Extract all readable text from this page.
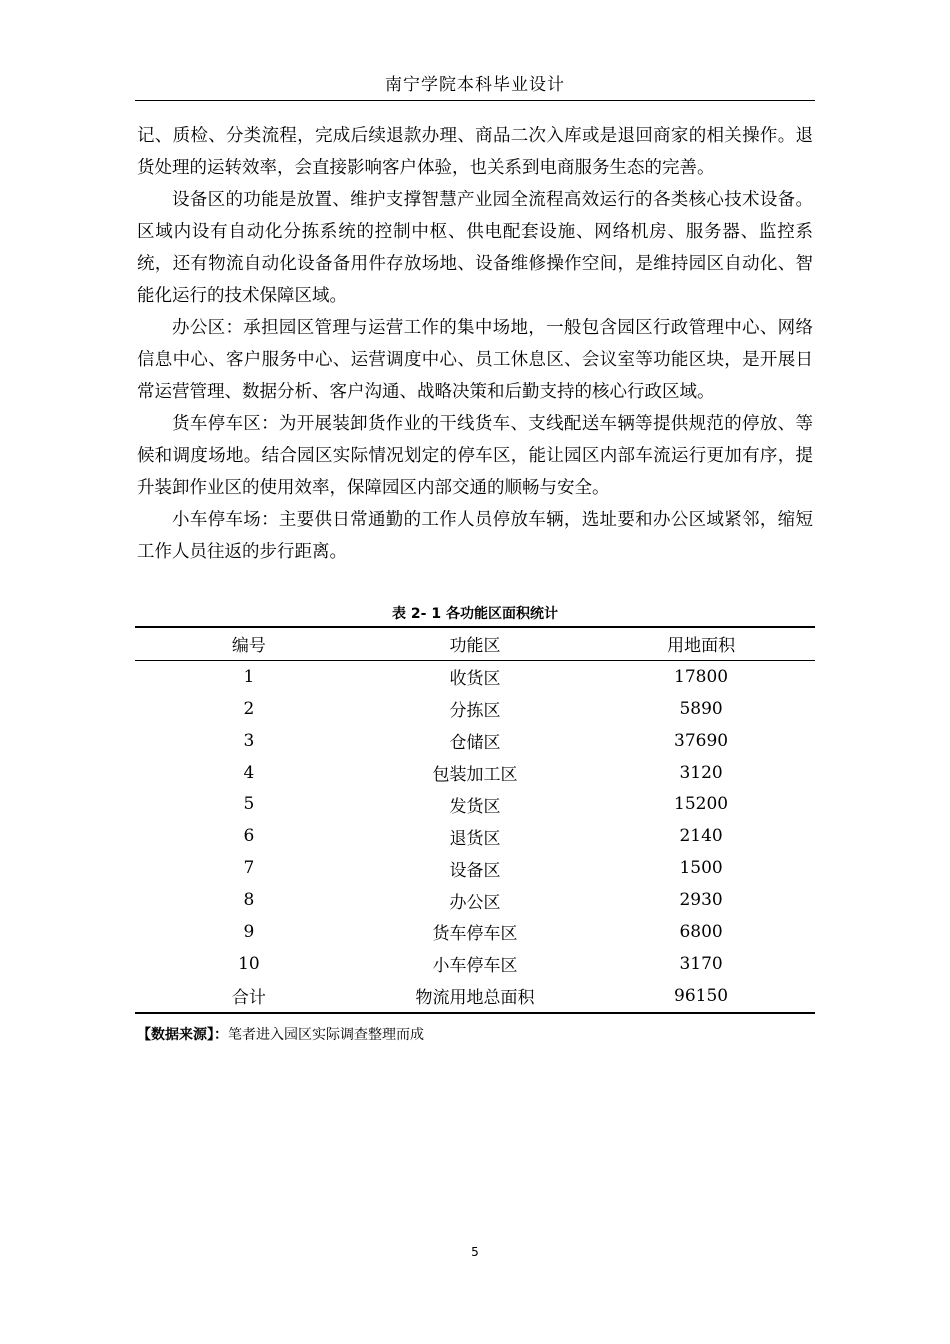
南宁学院本科毕业设计

记、质检、分类流程，完成后续退款办理、商品二次入库或是退回商家的相关操作。退货处理的运转效率，会直接影响客户体验，也关系到电商服务生态的完善。

设备区的功能是放置、维护支撑智慧产业园全流程高效运行的各类核心技术设备。区域内设有自动化分拣系统的控制中枢、供电配套设施、网络机房、服务器、监控系统，还有物流自动化设备备用件存放场地、设备维修操作空间，是维持园区自动化、智能化运行的技术保障区域。

办公区：承担园区管理与运营工作的集中场地，一般包含园区行政管理中心、网络信息中心、客户服务中心、运营调度中心、员工休息区、会议室等功能区块，是开展日常运营管理、数据分析、客户沟通、战略决策和后勤支持的核心行政区域。

货车停车区：为开展装卸货作业的干线货车、支线配送车辆等提供规范的停放、等候和调度场地。结合园区实际情况划定的停车区，能让园区内部车流运行更加有序，提升装卸作业区的使用效率，保障园区内部交通的顺畅与安全。

小车停车场：主要供日常通勤的工作人员停放车辆，选址要和办公区域紧邻，缩短工作人员往返的步行距离。

表 2- 1 各功能区面积统计
编号	功能区	用地面积
1	收货区	17800
2	分拣区	5890
3	仓储区	37690
4	包装加工区	3120
5	发货区	15200
6	退货区	2140
7	设备区	1500
8	办公区	2930
9	货车停车区	6800
10	小车停车区	3170
合计	物流用地总面积	96150
【数据来源】：笔者进入园区实际调查整理而成
5
